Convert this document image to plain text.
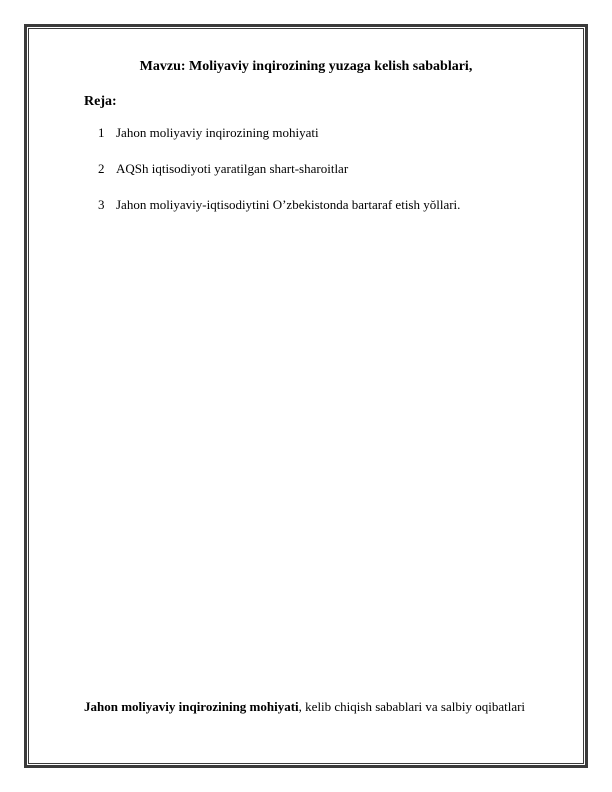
Mavzu: Moliyaviy inqirozining yuzaga kelish sabablari,

Reja:

1 Jahon moliyaviy inqirozining mohiyati
2 AQSh iqtisodiyoti yaratilgan shart-sharoitlar
3 Jahon moliyaviy-iqtisodiytini O’zbekistonda bartaraf etish yŏllari.

Jahon moliyaviy inqirozining mohiyati, kelib chiqish sabablari va salbiy oqibatlari
